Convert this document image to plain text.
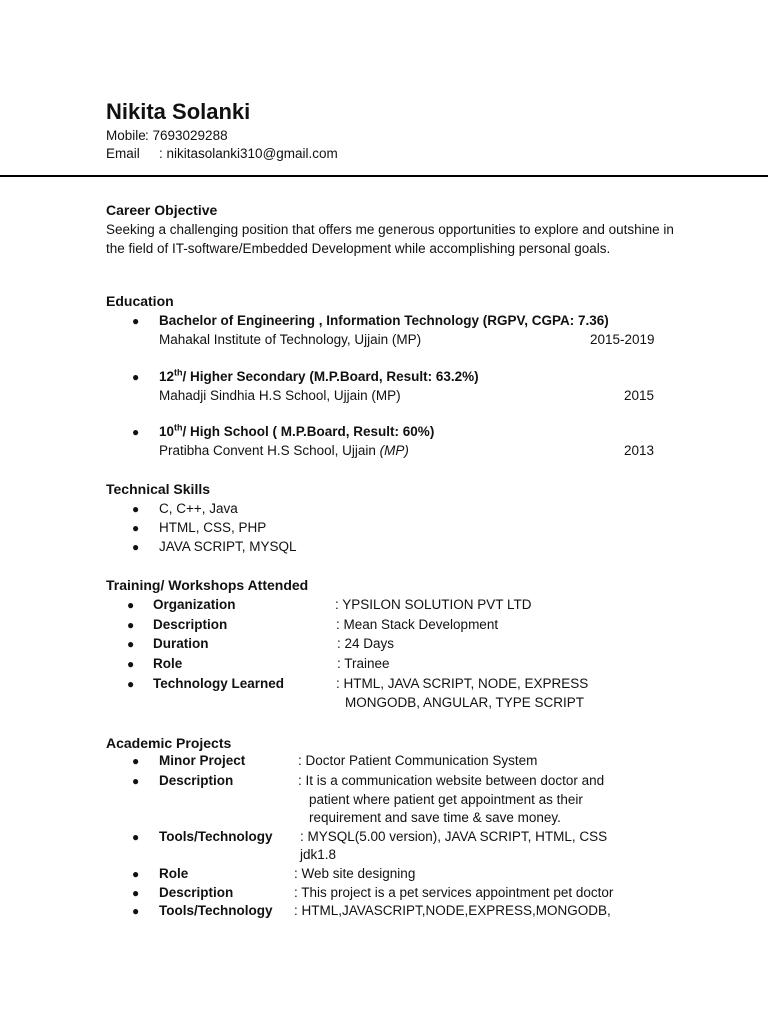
Nikita Solanki
Mobile : 7693029288
Email : nikitasolanki310@gmail.com
Career Objective
Seeking a challenging position that offers me generous opportunities to explore and outshine in the field of IT-software/Embedded Development while accomplishing personal goals.
Education
● Bachelor of Engineering , Information Technology (RGPV, CGPA: 7.36)
Mahakal Institute of Technology, Ujjain (MP)	2015-2019
● 12th/ Higher Secondary (M.P.Board, Result: 63.2%)
Mahadji Sindhia H.S School, Ujjain (MP)	2015
● 10th/ High School ( M.P.Board, Result: 60%)
Pratibha Convent H.S School, Ujjain (MP)	2013
Technical Skills
● C, C++, Java
● HTML, CSS, PHP
● JAVA SCRIPT, MYSQL
Training/ Workshops Attended
● Organization	: YPSILON SOLUTION PVT LTD
● Description	: Mean Stack Development
● Duration	: 24 Days
● Role	: Trainee
● Technology Learned	: HTML, JAVA SCRIPT, NODE, EXPRESS
MONGODB, ANGULAR, TYPE SCRIPT
Academic Projects
● Minor Project	: Doctor Patient Communication System
● Description	: It is a communication website between doctor and
patient where patient get appointment as their
requirement and save time & save money.
● Tools/Technology : MYSQL(5.00 version), JAVA SCRIPT, HTML, CSS
jdk1.8
● Role	: Web site designing
● Description	: This project is a pet services appointment pet doctor
● Tools/Technology : HTML,JAVASCRIPT,NODE,EXPRESS,MONGODB,
